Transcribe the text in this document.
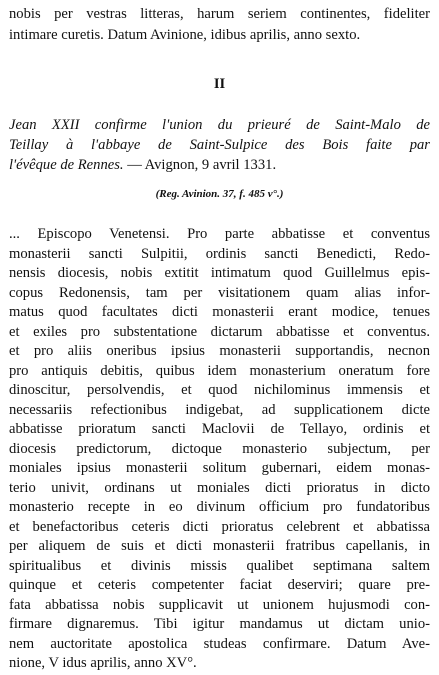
nobis per vestras litteras, harum seriem continentes, fideliter
intimare curetis. Datum Avinione, idibus aprilis, anno sexto.
II
Jean XXII confirme l'union du prieuré de Saint-Malo de
Teillay à l'abbaye de Saint-Sulpice des Bois faite par
l'évêque de Rennes. — Avignon, 9 avril 1331.
(Reg. Avinion. 37, f. 485 v°.)
... Episcopo Venetensi. Pro parte abbatisse et conventus
monasterii sancti Sulpitii, ordinis sancti Benedicti, Redo-
nensis diocesis, nobis extitit intimatum quod Guillelmus epis-
copus Redonensis, tam per visitationem quam alias infor-
matus quod facultates dicti monasterii erant modice, tenues
et exiles pro substentatione dictarum abbatisse et conventus.
et pro aliis oneribus ipsius monasterii supportandis, necnon
pro antiquis debitis, quibus idem monasterium oneratum fore
dinoscitur, persolvendis, et quod nichilominus immensis et
necessariis refectionibus indigebat, ad supplicationem dicte
abbatisse prioratum sancti Maclovii de Tellayo, ordinis et
diocesis predictorum, dictoque monasterio subjectum, per
moniales ipsius monasterii solitum gubernari, eidem monas-
terio univit, ordinans ut moniales dicti prioratus in dicto
monasterio recepte in eo divinum officium pro fundatoribus
et benefactoribus ceteris dicti prioratus celebrent et abbatissa
per aliquem de suis et dicti monasterii fratribus capellanis, in
spiritualibus et divinis missis qualibet septimana saltem
quinque et ceteris competenter faciat deserviri; quare pre-
fata abbatissa nobis supplicavit ut unionem hujusmodi con-
firmare dignaremus. Tibi igitur mandamus ut dictam unio-
nem auctoritate apostolica studeas confirmare. Datum Ave-
nione, V idus aprilis, anno XV°.
